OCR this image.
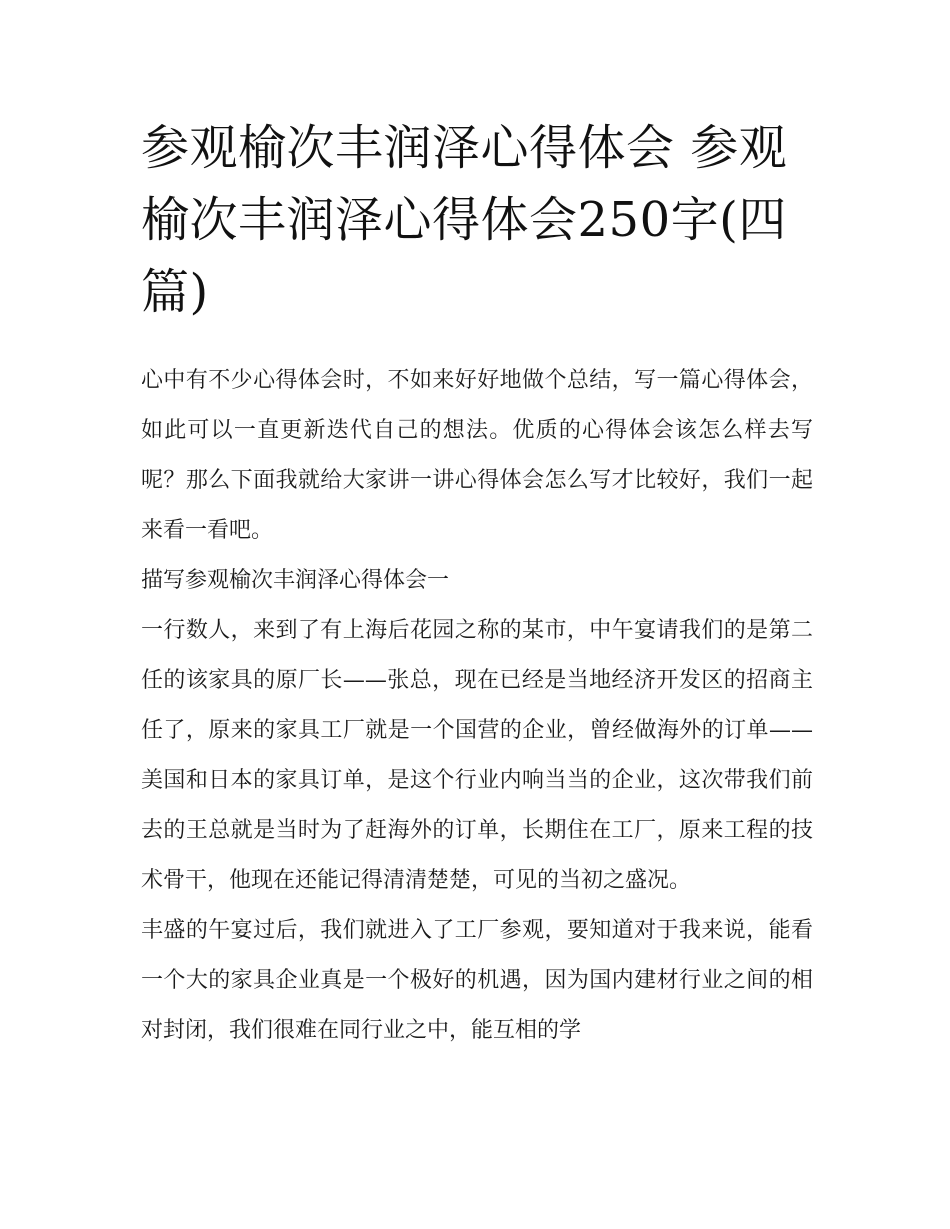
参观榆次丰润泽心得体会 参观榆次丰润泽心得体会250字(四篇)

心中有不少心得体会时，不如来好好地做个总结，写一篇心得体会，如此可以一直更新迭代自己的想法。优质的心得体会该怎么样去写呢？那么下面我就给大家讲一讲心得体会怎么写才比较好，我们一起来看一看吧。

描写参观榆次丰润泽心得体会一

一行数人，来到了有上海后花园之称的某市，中午宴请我们的是第二任的该家具的原厂长——张总，现在已经是当地经济开发区的招商主任了，原来的家具工厂就是一个国营的企业，曾经做海外的订单——美国和日本的家具订单，是这个行业内响当当的企业，这次带我们前去的王总就是当时为了赶海外的订单，长期住在工厂，原来工程的技术骨干，他现在还能记得清清楚楚，可见的当初之盛况。

丰盛的午宴过后，我们就进入了工厂参观，要知道对于我来说，能看一个大的家具企业真是一个极好的机遇，因为国内建材行业之间的相对封闭，我们很难在同行业之中，能互相的学
